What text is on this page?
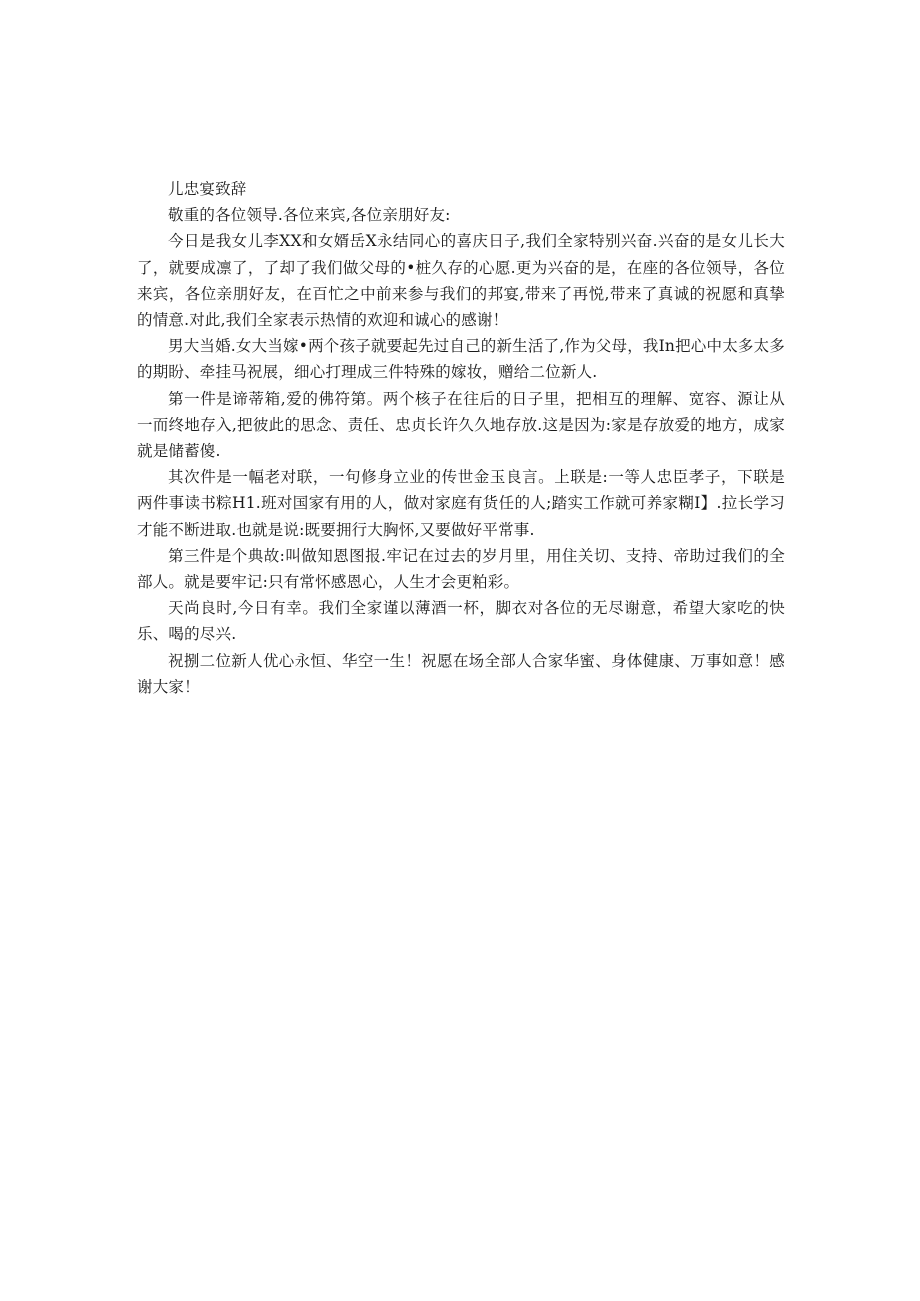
儿忠宴致辞

敬重的各位领导.各位来宾,各位亲朋好友:

今日是我女儿李XX和女婿岳X永结同心的喜庆日子,我们全家特别兴奋.兴奋的是女儿长大了，就要成凛了，了却了我们做父母的•桩久存的心愿.更为兴奋的是，在座的各位领导，各位来宾，各位亲朋好友，在百忙之中前来参与我们的邦宴,带来了再悦,带来了真诚的祝愿和真挚的情意.对此,我们全家表示热情的欢迎和诚心的感谢！

男大当婚.女大当嫁•两个孩子就要起先过自己的新生活了,作为父母，我In把心中太多太多的期盼、牵挂马祝展，细心打理成三件特殊的嫁妆，赠给二位新人.

第一件是谛蒂箱,爱的佛符第。两个核子在往后的日子里，把相互的理解、宽容、源让从一而终地存入,把彼此的思念、责任、忠贞长许久久地存放.这是因为:家是存放爱的地方，成家就是储蓄傻.

其次件是一幅老对联，一句修身立业的传世金玉良言。上联是:一等人忠臣孝子，下联是两件事读书粽H1.班对国家有用的人，做对家庭有货任的人;踏实工作就可养家糊I】.拉长学习才能不断进取.也就是说:既要拥行大胸怀,又要做好平常事.

第三件是个典故:叫做知恩图报.牢记在过去的岁月里，用住关切、支持、帝助过我们的全部人。就是要牢记:只有常怀感恩心，人生才会更粕彩。

天尚良时,今日有幸。我们全家谨以薄酒一杯，脚衣对各位的无尽谢意，希望大家吃的快乐、喝的尽兴.

祝捌二位新人优心永恒、华空一生！祝愿在场全部人合家华蜜、身体健康、万事如意！感谢大家！
